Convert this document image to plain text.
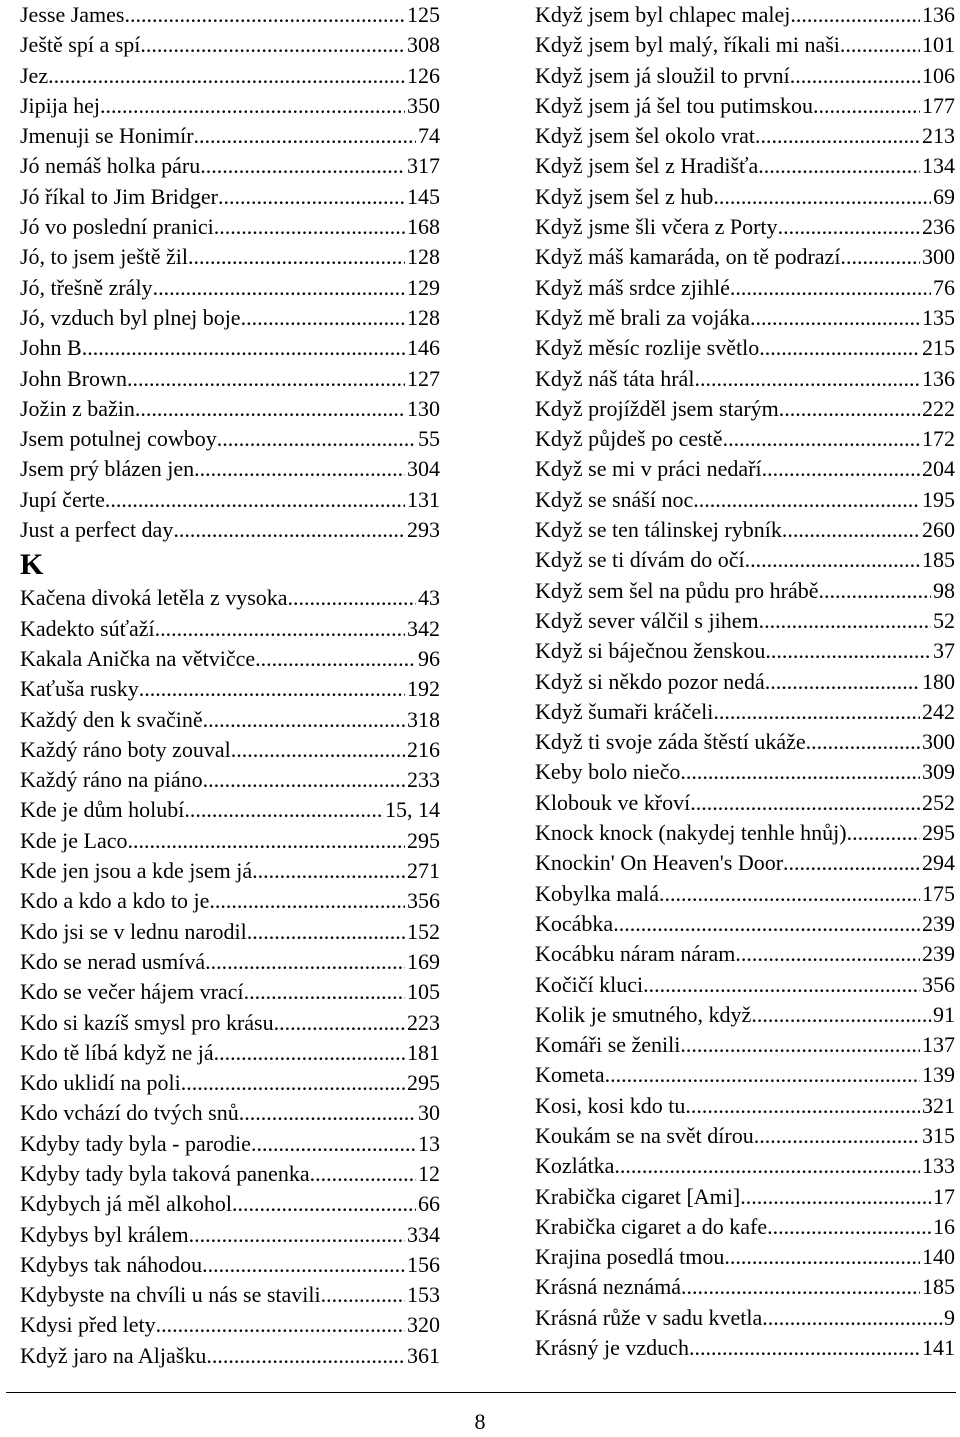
Jesse James .....	125
Ještě spí a spí .....	308
Jez .....	126
Jipija hej .....	350
Jmenuji se Honimír .....	74
Jó nemáš holka páru .....	317
Jó říkal to Jim Bridger .....	145
Jó vo poslední pranici .....	168
Jó, to jsem ještě žil .....	128
Jó, třešně zrály .....	129
Jó, vzduch byl plnej boje .....	128
John B .....	146
John Brown .....	127
Jožin z bažin .....	130
Jsem potulnej cowboy .....	55
Jsem prý blázen jen .....	304
Jupí čerte .....	131
Just a perfect day .....	293
K
Kačena divoká letěla z vysoka .....	43
Kadekto súťaží .....	342
Kakala Anička na větvičce .....	96
Kaťuša rusky .....	192
Každý den k svačině .....	318
Každý ráno boty zouval .....	216
Každý ráno na piáno .....	233
Kde je dům holubí .....	15, 14
Kde je Laco .....	295
Kde jen jsou a kde jsem já .....	271
Kdo a kdo a kdo to je .....	356
Kdo jsi se v lednu narodil .....	152
Kdo se nerad usmívá .....	169
Kdo se večer hájem vrací .....	105
Kdo si kazíš smysl pro krásu .....	223
Kdo tě líbá když ne já .....	181
Kdo uklidí na poli .....	295
Kdo vchází do tvých snů .....	30
Kdyby tady byla - parodie .....	13
Kdyby tady byla taková panenka .....	12
Kdybych já měl alkohol .....	66
Kdybys byl králem .....	334
Kdybys tak náhodou .....	156
Kdybyste na chvíli u nás se stavili .....	153
Kdysi před lety .....	320
Když jaro na Aljašku .....	361
Když jsem byl chlapec malej .....	136
Když jsem byl malý, říkali mi naši. .....	101
Když jsem já sloužil to první .....	106
Když jsem já šel tou putimskou .....	177
Když jsem šel okolo vrat .....	213
Když jsem šel z Hradišťa .....	134
Když jsem šel z hub .....	69
Když jsme šli včera z Porty .....	236
Když máš kamaráda, on tě podrazí. .....	300
Když máš srdce zjihlé .....	76
Když mě brali za vojáka .....	135
Když měsíc rozlije světlo .....	215
Když náš táta hrál .....	136
Když projížděl jsem starým .....	222
Když půjdeš po cestě .....	172
Když se mi v práci nedaří .....	204
Když se snáší noc .....	195
Když se ten tálinskej rybník .....	260
Když se ti dívám do očí .....	185
Když sem šel na půdu pro hrábě .....	98
Když sever válčil s jihem .....	52
Když si báječnou ženskou .....	37
Když si někdo pozor nedá .....	180
Když šumaři kráčeli .....	242
Když ti svoje záda štěstí ukáže .....	300
Keby bolo niečo .....	309
Klobouk ve křoví .....	252
Knock knock (nakydej tenhle hnůj) .....	295
Knockin' On Heaven's Door .....	294
Kobylka malá .....	175
Kocábka .....	239
Kocábku náram náram .....	239
Kočičí kluci .....	356
Kolik je smutného, když .....	91
Komáři se ženili .....	137
Kometa .....	139
Kosi, kosi kdo tu .....	321
Koukám se na svět dírou .....	315
Kozlátka .....	133
Krabička cigaret [Ami] .....	17
Krabička cigaret a do kafe .....	16
Krajina posedlá tmou .....	140
Krásná neznámá .....	185
Krásná růže v sadu kvetla .....	9
Krásný je vzduch .....	141
8
